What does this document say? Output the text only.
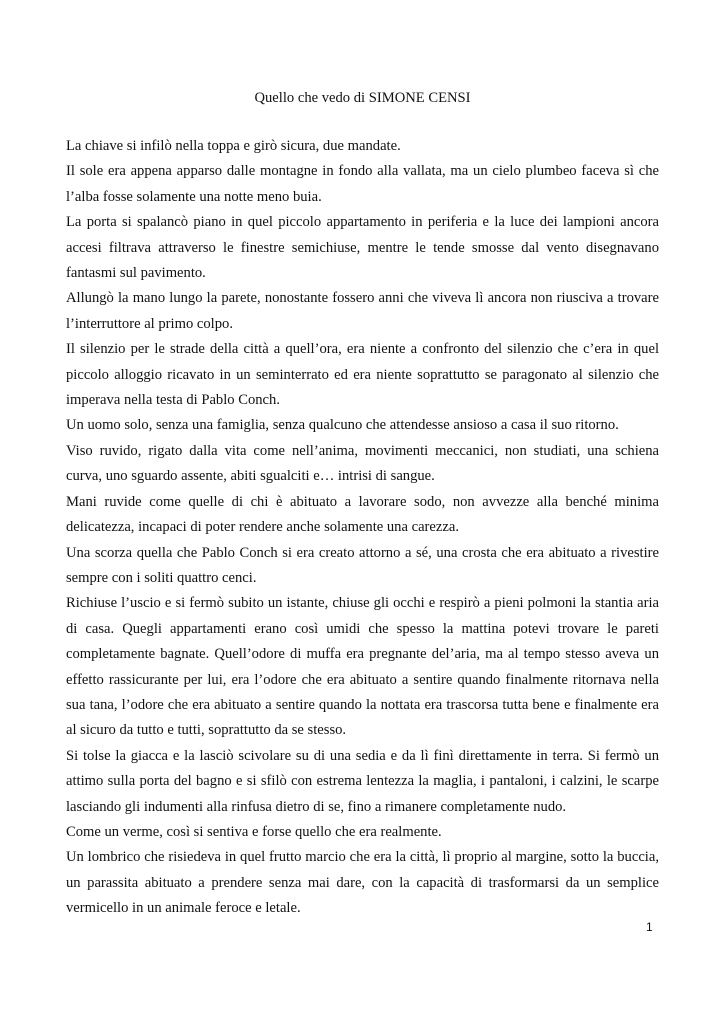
Quello che vedo di SIMONE CENSI

La chiave si infilò nella toppa e girò sicura, due mandate.

Il sole era appena apparso dalle montagne in fondo alla vallata, ma un cielo plumbeo faceva sì che l’alba fosse solamente una notte meno buia.

La porta si spalancò piano in quel piccolo appartamento in periferia e la luce dei lampioni ancora accesi filtrava attraverso le finestre semichiuse, mentre le tende smosse dal vento disegnavano fantasmi sul pavimento.

Allungò la mano lungo la parete, nonostante fossero anni che viveva lì ancora non riusciva a trovare l’interruttore al primo colpo.

Il silenzio per le strade della città a quell’ora, era niente a confronto del silenzio che c’era in quel piccolo alloggio ricavato in un seminterrato ed era niente soprattutto se paragonato al silenzio che imperava nella testa di Pablo Conch.

Un uomo solo, senza una famiglia, senza qualcuno che attendesse ansioso a casa il suo ritorno.

Viso ruvido, rigato dalla vita come nell’anima, movimenti meccanici, non studiati, una schiena curva, uno sguardo assente, abiti sgualciti e… intrisi di sangue.

Mani ruvide come quelle di chi è abituato a lavorare sodo, non avvezze alla benché minima delicatezza, incapaci di poter rendere anche solamente una carezza.

Una scorza quella che Pablo Conch si era creato attorno a sé, una crosta che era abituato a rivestire sempre con i soliti quattro cenci.

Richiuse l’uscio e si fermò subito un istante, chiuse gli occhi e respirò a pieni polmoni la stantia aria di casa. Quegli appartamenti erano così umidi che spesso la mattina potevi trovare le pareti completamente bagnate. Quell’odore di muffa era pregnante del’aria, ma al tempo stesso aveva un effetto rassicurante per lui, era l’odore che era abituato a sentire quando finalmente ritornava nella sua tana, l’odore che era abituato a sentire quando la nottata era trascorsa tutta bene e finalmente era al sicuro da tutto e tutti, soprattutto da se stesso.

Si tolse la giacca e la lasciò scivolare su di una sedia e da lì finì direttamente in terra. Si fermò un attimo sulla porta del bagno e si sfilò con estrema lentezza la maglia, i pantaloni, i calzini, le scarpe lasciando gli indumenti alla rinfusa dietro di se, fino a rimanere completamente nudo.

Come un verme, così si sentiva e forse quello che era realmente.

Un lombrico che risiedeva in quel frutto marcio che era la città, lì proprio al margine, sotto la buccia, un parassita abituato a prendere senza mai dare, con la capacità di trasformarsi da un semplice vermicello in un animale feroce e letale.

1
